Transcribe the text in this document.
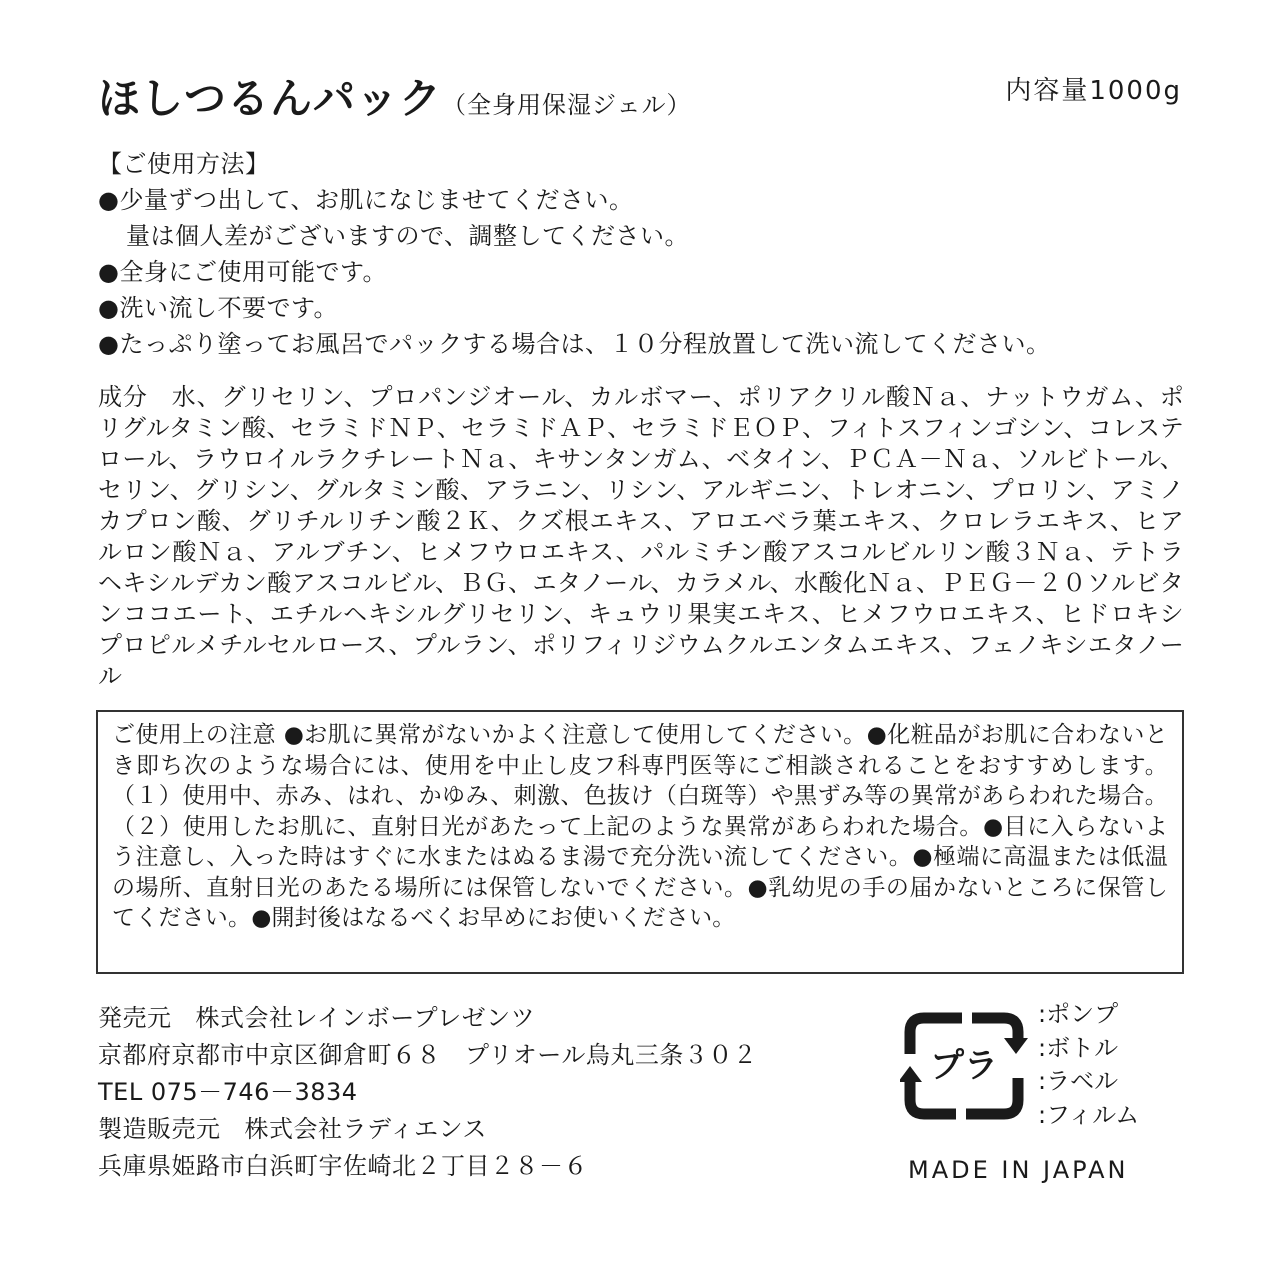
ほしつるんパック（全身用保湿ジェル）	内容量1000g
【ご使用方法】
●少量ずつ出して、お肌になじませてください。
量は個人差がございますので、調整してください。
●全身にご使用可能です。
●洗い流し不要です。
●たっぷり塗ってお風呂でパックする場合は、１０分程放置して洗い流してください。
成分 水、グリセリン、プロパンジオール、カルボマー、ポリアクリル酸Ｎａ、ナットウガム、ポリグルタミン酸、セラミドＮＰ、セラミドＡＰ、セラミドＥＯＰ、フィトスフィンゴシン、コレステロール、ラウロイルラクチレートＮａ、キサンタンガム、ベタイン、ＰＣＡ－Ｎａ、ソルビトール、セリン、グリシン、グルタミン酸、アラニン、リシン、アルギニン、トレオニン、プロリン、アミノカプロン酸、グリチルリチン酸２Ｋ、クズ根エキス、アロエベラ葉エキス、クロレラエキス、ヒアルロン酸Ｎａ、アルブチン、ヒメフウロエキス、パルミチン酸アスコルビルリン酸３Ｎａ、テトラヘキシルデカン酸アスコルビル、ＢＧ、エタノール、カラメル、水酸化Ｎａ、ＰＥＧ－２０ソルビタンココエート、エチルヘキシルグリセリン、キュウリ果実エキス、ヒメフウロエキス、ヒドロキシプロピルメチルセルロース、プルラン、ポリフィリジウムクルエンタムエキス、フェノキシエタノール
ご使用上の注意 ●お肌に異常がないかよく注意して使用してください。●化粧品がお肌に合わないとき即ち次のような場合には、使用を中止し皮フ科専門医等にご相談されることをおすすめします。（１）使用中、赤み、はれ、かゆみ、刺激、色抜け（白斑等）や黒ずみ等の異常があらわれた場合。（２）使用したお肌に、直射日光があたって上記のような異常があらわれた場合。●目に入らないよう注意し、入った時はすぐに水またはぬるま湯で充分洗い流してください。●極端に高温または低温の場所、直射日光のあたる場所には保管しないでください。●乳幼児の手の届かないところに保管してください。●開封後はなるべくお早めにお使いください。
発売元 株式会社レインボープレゼンツ
京都府京都市中京区御倉町６８ プリオール烏丸三条３０２
TEL 075－746－3834
製造販売元 株式会社ラディエンス
兵庫県姫路市白浜町宇佐崎北２丁目２８－６
プラ
:ポンプ
:ボトル
:ラベル
:フィルム
MADE IN JAPAN
